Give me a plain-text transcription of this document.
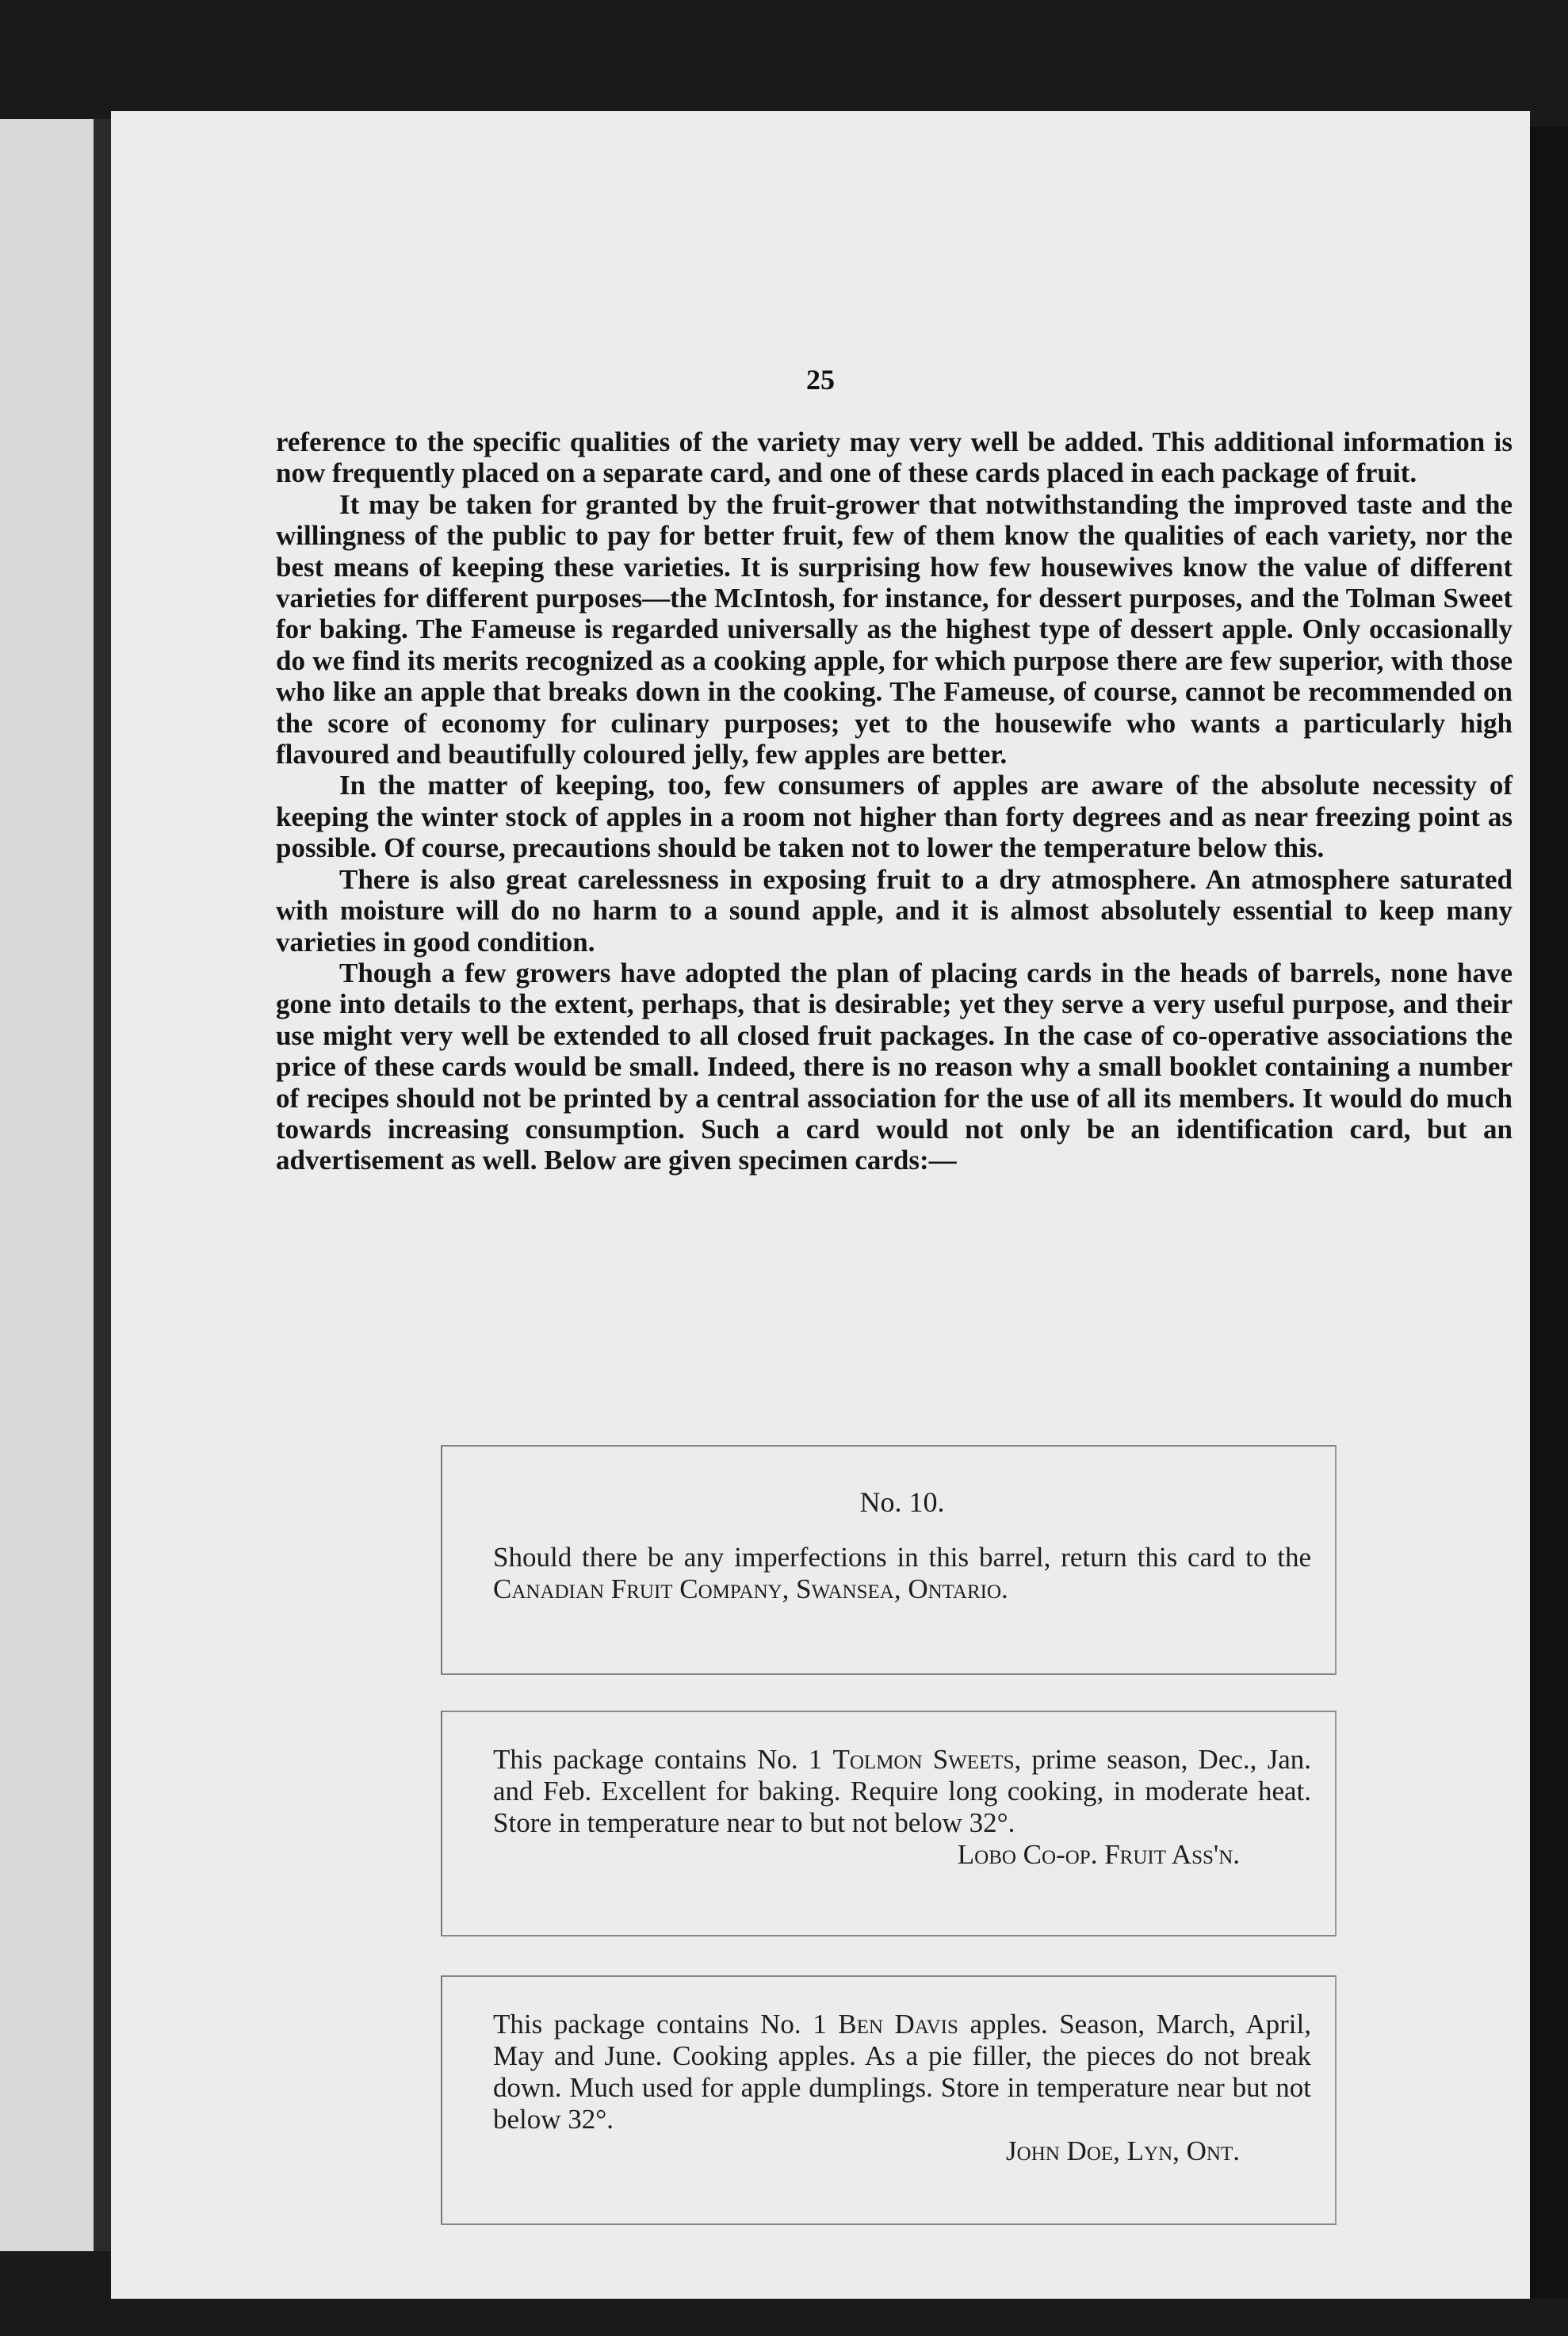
25

reference to the specific qualities of the variety may very well be added. This additional information is now frequently placed on a separate card, and one of these cards placed in each package of fruit.

It may be taken for granted by the fruit-grower that notwithstanding the improved taste and the willingness of the public to pay for better fruit, few of them know the qualities of each variety, nor the best means of keeping these varieties. It is surprising how few housewives know the value of different varieties for different purposes—the McIntosh, for instance, for dessert purposes, and the Tolman Sweet for baking. The Fameuse is regarded universally as the highest type of dessert apple. Only occasionally do we find its merits recognized as a cooking apple, for which purpose there are few superior, with those who like an apple that breaks down in the cooking. The Fameuse, of course, cannot be recommended on the score of economy for culinary purposes; yet to the housewife who wants a particularly high flavoured and beautifully coloured jelly, few apples are better.

In the matter of keeping, too, few consumers of apples are aware of the absolute necessity of keeping the winter stock of apples in a room not higher than forty degrees and as near freezing point as possible. Of course, precautions should be taken not to lower the temperature below this.

There is also great carelessness in exposing fruit to a dry atmosphere. An atmosphere saturated with moisture will do no harm to a sound apple, and it is almost absolutely essential to keep many varieties in good condition.

Though a few growers have adopted the plan of placing cards in the heads of barrels, none have gone into details to the extent, perhaps, that is desirable; yet they serve a very useful purpose, and their use might very well be extended to all closed fruit packages. In the case of co-operative associations the price of these cards would be small. Indeed, there is no reason why a small booklet containing a number of recipes should not be printed by a central association for the use of all its members. It would do much towards increasing consumption. Such a card would not only be an identification card, but an advertisement as well. Below are given specimen cards:—

No. 10.
Should there be any imperfections in this barrel, return this card to the Canadian Fruit Company, Swansea, Ontario.
This package contains No. 1 Tolmon Sweets, prime season, Dec., Jan. and Feb. Excellent for baking. Require long cooking, in moderate heat. Store in temperature near to but not below 32°.
Lobo Co-op. Fruit Ass'n.
This package contains No. 1 Ben Davis apples. Season, March, April, May and June. Cooking apples. As a pie filler, the pieces do not break down. Much used for apple dumplings. Store in temperature near but not below 32°.
John Doe, Lyn, Ont.
